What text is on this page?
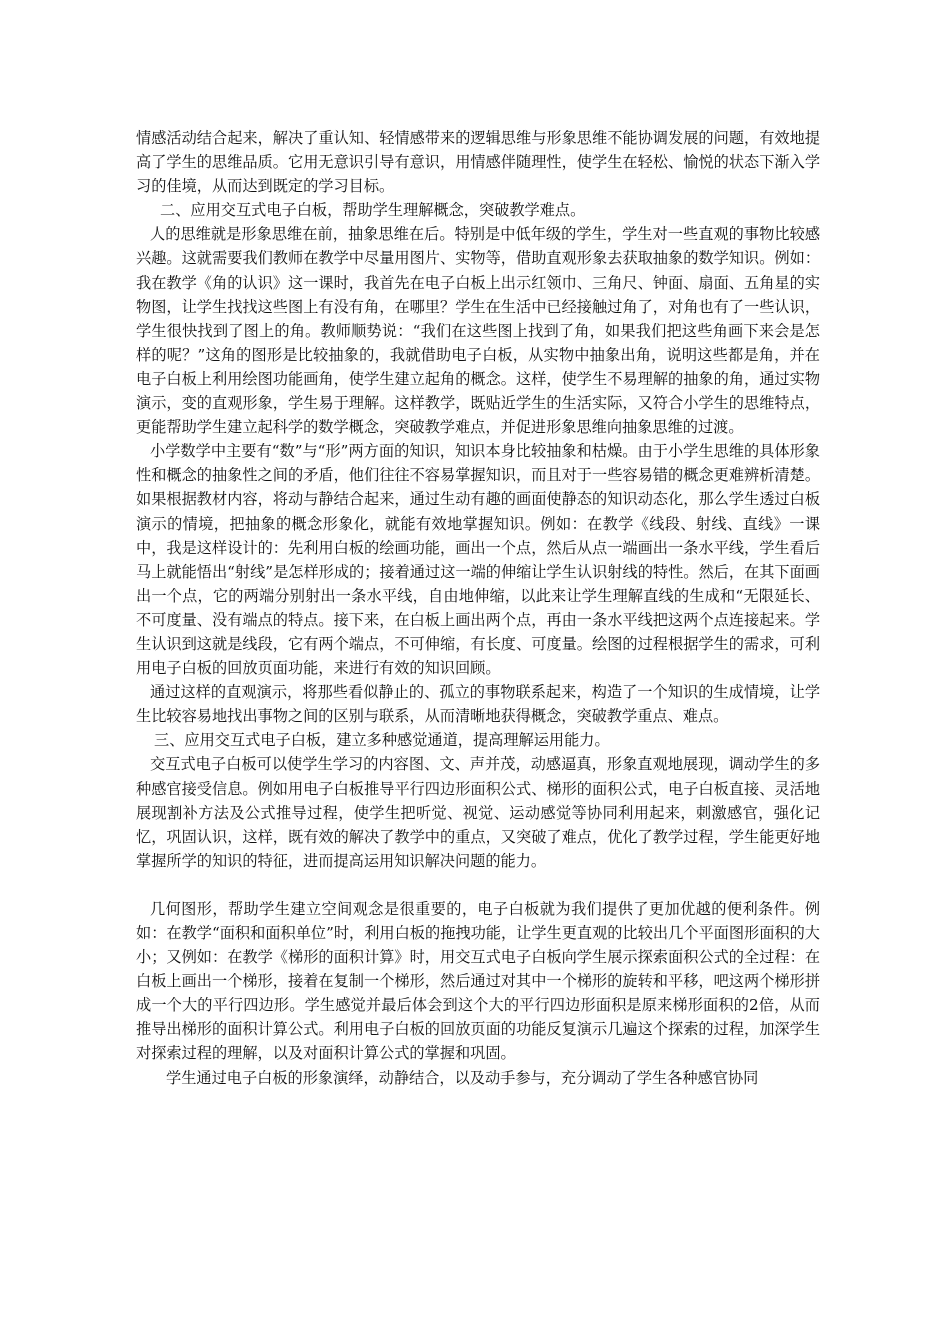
情感活动结合起来，解决了重认知、轻情感带来的逻辑思维与形象思维不能协调发展的问题，有效地提高了学生的思维品质。它用无意识引导有意识，用情感伴随理性，使学生在轻松、愉悦的状态下渐入学习的佳境，从而达到既定的学习目标。

二、应用交互式电子白板，帮助学生理解概念，突破教学难点。

人的思维就是形象思维在前，抽象思维在后。特别是中低年级的学生，学生对一些直观的事物比较感兴趣。这就需要我们教师在教学中尽量用图片、实物等，借助直观形象去获取抽象的数学知识。例如：我在教学《角的认识》这一课时，我首先在电子白板上出示红领巾、三角尺、钟面、扇面、五角星的实物图，让学生找找这些图上有没有角，在哪里？学生在生活中已经接触过角了，对角也有了一些认识，学生很快找到了图上的角。教师顺势说：“我们在这些图上找到了角，如果我们把这些角画下来会是怎样的呢？”这角的图形是比较抽象的，我就借助电子白板，从实物中抽象出角，说明这些都是角，并在电子白板上利用绘图功能画角，使学生建立起角的概念。这样，使学生不易理解的抽象的角，通过实物演示，变的直观形象，学生易于理解。这样教学，既贴近学生的生活实际，又符合小学生的思维特点，更能帮助学生建立起科学的数学概念，突破教学难点，并促进形象思维向抽象思维的过渡。

小学数学中主要有“数”与“形”两方面的知识，知识本身比较抽象和枯燥。由于小学生思维的具体形象性和概念的抽象性之间的矛盾，他们往往不容易掌握知识，而且对于一些容易错的概念更难辨析清楚。如果根据教材内容，将动与静结合起来，通过生动有趣的画面使静态的知识动态化，那么学生透过白板演示的情境，把抽象的概念形象化，就能有效地掌握知识。例如：在教学《线段、射线、直线》一课中，我是这样设计的：先利用白板的绘画功能，画出一个点，然后从点一端画出一条水平线，学生看后马上就能悟出“射线”是怎样形成的；接着通过这一端的伸缩让学生认识射线的特性。然后，在其下面画出一个点，它的两端分别射出一条水平线，自由地伸缩，以此来让学生理解直线的生成和“无限延长、不可度量、没有端点的特点。接下来，在白板上画出两个点，再由一条水平线把这两个点连接起来。学生认识到这就是线段，它有两个端点，不可伸缩，有长度、可度量。绘图的过程根据学生的需求，可利用电子白板的回放页面功能，来进行有效的知识回顾。

通过这样的直观演示，将那些看似静止的、孤立的事物联系起来，构造了一个知识的生成情境，让学生比较容易地找出事物之间的区别与联系，从而清晰地获得概念，突破教学重点、难点。

三、应用交互式电子白板，建立多种感觉通道，提高理解运用能力。

交互式电子白板可以使学生学习的内容图、文、声并茂，动感逼真，形象直观地展现，调动学生的多种感官接受信息。例如用电子白板推导平行四边形面积公式、梯形的面积公式，电子白板直接、灵活地展现割补方法及公式推导过程，使学生把听觉、视觉、运动感觉等协同利用起来，刺激感官，强化记忆，巩固认识，这样，既有效的解决了教学中的重点，又突破了难点，优化了教学过程，学生能更好地掌握所学的知识的特征，进而提高运用知识解决问题的能力。

几何图形，帮助学生建立空间观念是很重要的，电子白板就为我们提供了更加优越的便利条件。例如：在教学“面积和面积单位”时，利用白板的拖拽功能，让学生更直观的比较出几个平面图形面积的大小；又例如：在教学《梯形的面积计算》时，用交互式电子白板向学生展示探索面积公式的全过程：在白板上画出一个梯形，接着在复制一个梯形，然后通过对其中一个梯形的旋转和平移，吧这两个梯形拼成一个大的平行四边形。学生感觉并最后体会到这个大的平行四边形面积是原来梯形面积的2倍，从而推导出梯形的面积计算公式。利用电子白板的回放页面的功能反复演示几遍这个探索的过程，加深学生对探索过程的理解，以及对面积计算公式的掌握和巩固。

学生通过电子白板的形象演绎，动静结合，以及动手参与，充分调动了学生各种感官协同
